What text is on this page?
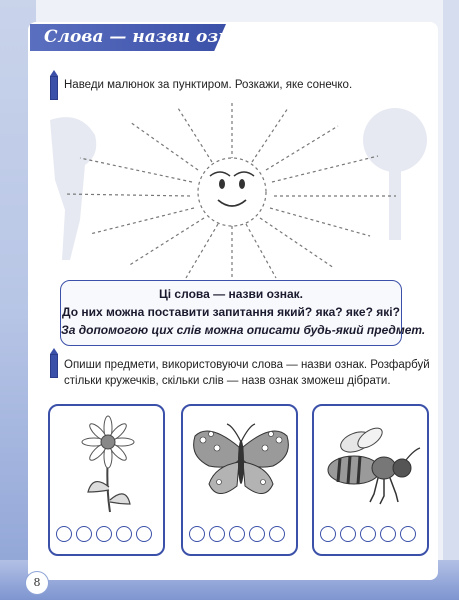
Слова — назви ознак
Наведи малюнок за пунктиром. Розкажи, яке сонечко.
Ці слова — назви ознак.
До них можна поставити запитання який? яка? яке? які?
За допомогою цих слів можна описати будь-який предмет.
Опиши предмети, використовуючи слова — назви ознак. Розфарбуй
стільки кружечків, скільки слів — назв ознак зможеш дібрати.
8
